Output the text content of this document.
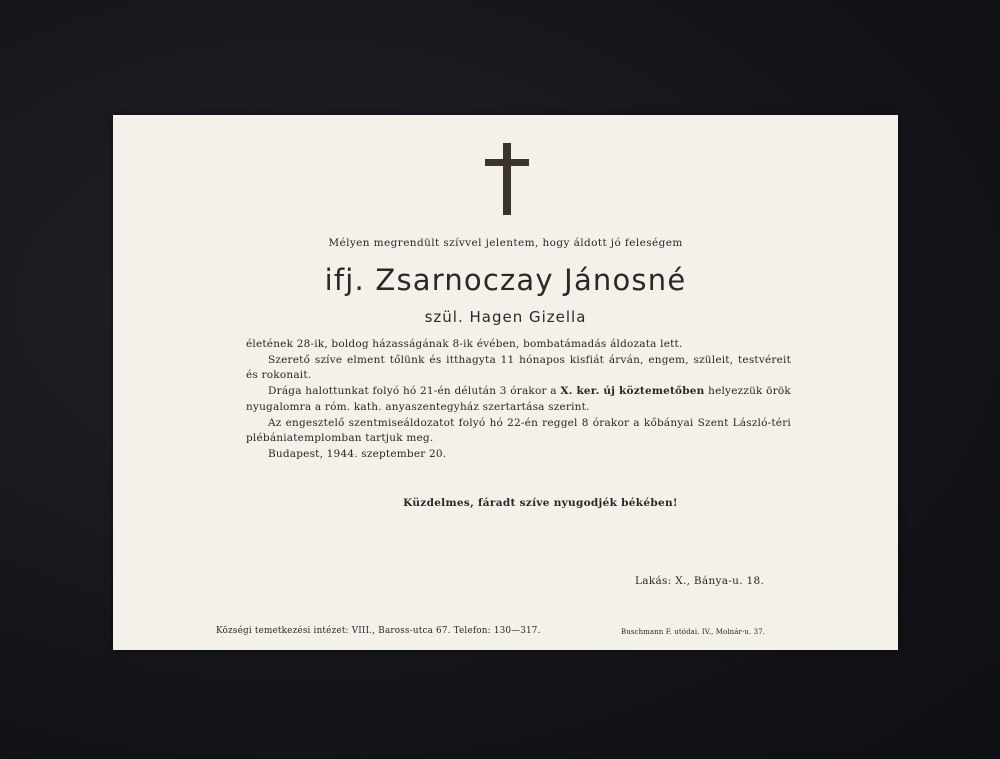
Mélyen megrendült szívvel jelentem, hogy áldott jó feleségem
ifj. Zsarnoczay Jánosné
szül. Hagen Gizella

életének 28-ik, boldog házasságának 8-ik évében, bombatámadás áldozata lett.

Szerető szíve elment tőlünk és itthagyta 11 hónapos kisfiát árván, engem, szüleit, testvéreit és rokonait.

Drága halottunkat folyó hó 21-én délután 3 órakor a X. ker. új köztemetőben helyezzük örök nyugalomra a róm. kath. anyaszentegyház szertartása szerint.

Az engesztelő szentmiseáldozatot folyó hó 22-én reggel 8 órakor a kőbányai Szent László-téri plébániatemplomban tartjuk meg.

Budapest, 1944. szeptember 20.

Küzdelmes, fáradt szíve nyugodjék békében!
Lakás: X., Bánya-u. 18.
Községi temetkezési intézet: VIII., Baross-utca 67. Telefon: 130—317.	Buschmann F. utódai. IV., Molnár-u. 37.
